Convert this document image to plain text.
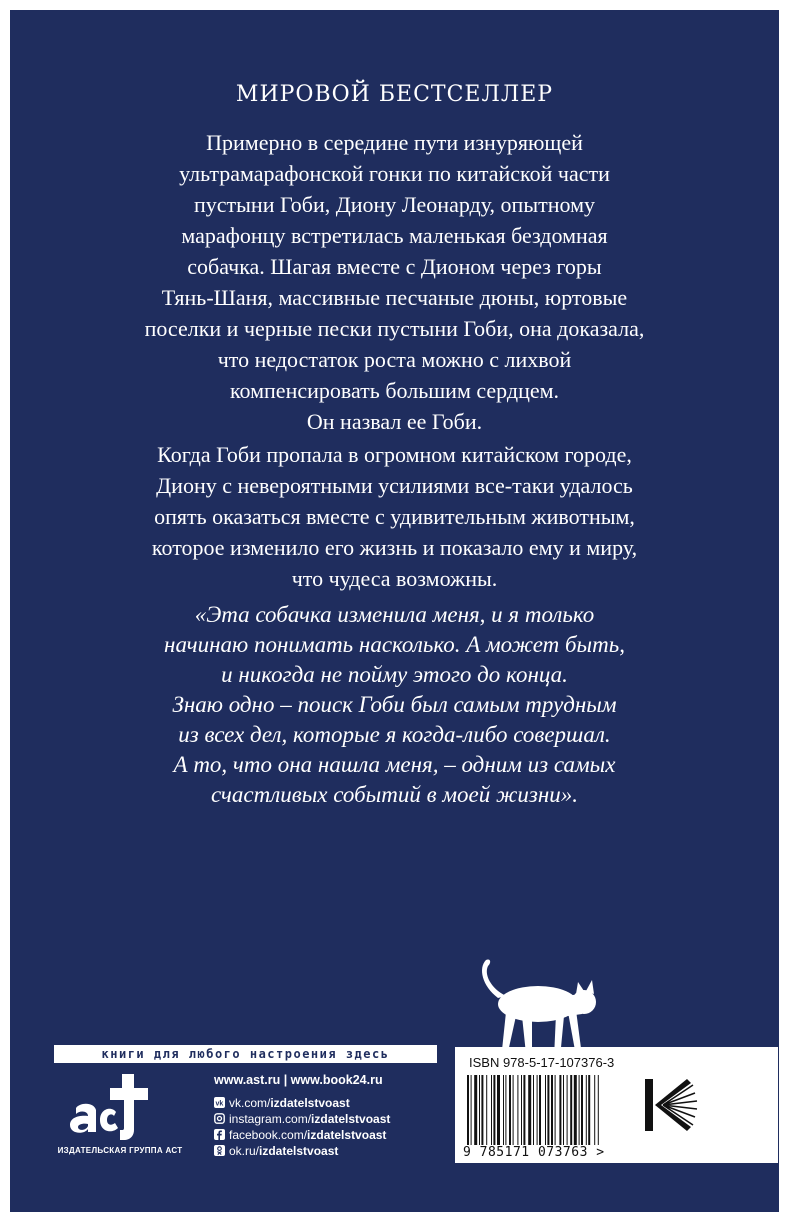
МИРОВОЙ БЕСТСЕЛЛЕР

Примерно в середине пути изнуряющей
ультрамарафонской гонки по китайской части
пустыни Гоби, Диону Леонарду, опытному
марафонцу встретилась маленькая бездомная
собачка. Шагая вместе с Дионом через горы
Тянь-Шаня, массивные песчаные дюны, юртовые
поселки и черные пески пустыни Гоби, она доказала,
что недостаток роста можно с лихвой
компенсировать большим сердцем.
Он назвал ее Гоби.

Когда Гоби пропала в огромном китайском городе,
Диону с невероятными усилиями все-таки удалось
опять оказаться вместе с удивительным животным,
которое изменило его жизнь и показало ему и миру,
что чудеса возможны.

«Эта собачка изменила меня, и я только
начинаю понимать насколько. А может быть,
и никогда не пойму этого до конца.
Знаю одно – поиск Гоби был самым трудным
из всех дел, которые я когда-либо совершал.
А то, что она нашла меня, – одним из самых
счастливых событий в моей жизни».

книги для любого настроения здесь
ИЗДАТЕЛЬСКАЯ ГРУППА АСТ
www.ast.ru | www.book24.ru
vk vk.com/izdatelstvoast
instagram.com/izdatelstvoast
facebook.com/izdatelstvoast
ok.ru/izdatelstvoast
ISBN 978-5-17-107376-3
9 785171 073763 >
